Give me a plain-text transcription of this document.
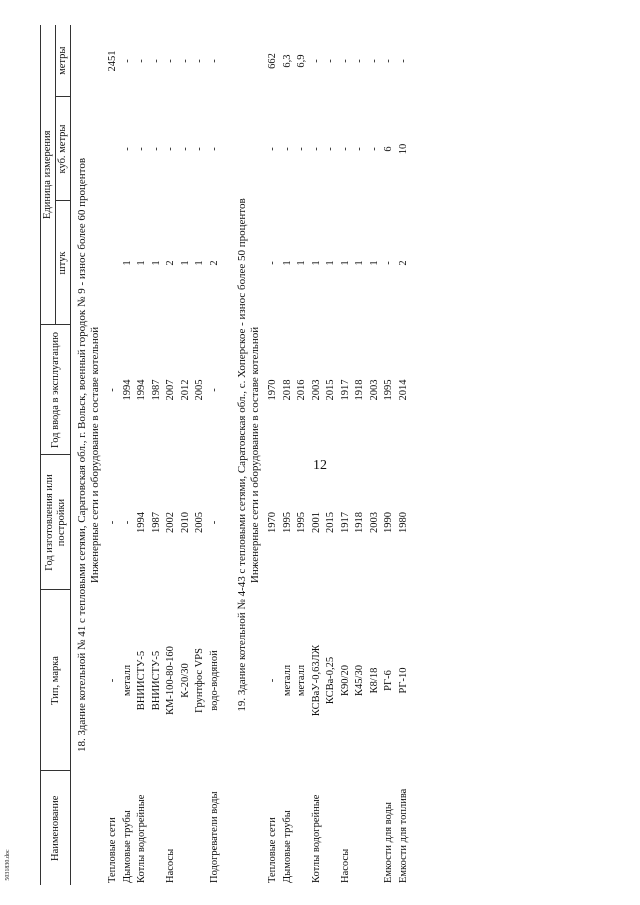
12
5031830.doc
Наименование	Тип, марка	Год изготовления или постройки	Год ввода в эксплуатацию	Единица измерения		
				штук	куб. метры	метры

18. Здание котельной № 41 с тепловыми сетями, Саратовская обл., г. Вольск, военный городок № 9 - износ более 60 процентов Инженерные сети и оборудование в составе котельной						

Тепловые сети	-	-	-			2451
Дымовые трубы	металл	-	1994	1	-	-
Котлы водогрейные	ВНИИСТУ-5	1994	1994	1	-	-
	ВНИИСТУ-5	1987	1987	1	-	-
Насосы	КМ-100-80-160	2002	2007	2	-	-
	К-20/30	2010	2012	1	-	-
	Грунтфос VPS	2005	2005	1	-	-
Подогреватели воды	водо-водяной	-	-	2	-	-

19. Здание котельной № 4-43 с тепловыми сетями, Саратовская обл., с. Хоперское - износ более 50 процентов Инженерные сети и оборудование в составе котельной						

Тепловые сети	-	1970	1970	-	-	662
Дымовые трубы	металл	1995	2018	1	-	6,3
	металл	1995	2016	1	-	6,9
Котлы водогрейные	КСВаУ-0,63ЛЖ	2001	2003	1	-	-
	КСВа-0,25	2015	2015	1	-	-
Насосы	К90/20	1917	1917	1	-	-
	К45/30	1918	1918	1	-	-
	К8/18	2003	2003	1	-	-
Емкости для воды	РГ-6	1990	1995	-	6	-
Емкости для топлива	РГ-10	1980	2014	2	10	-
